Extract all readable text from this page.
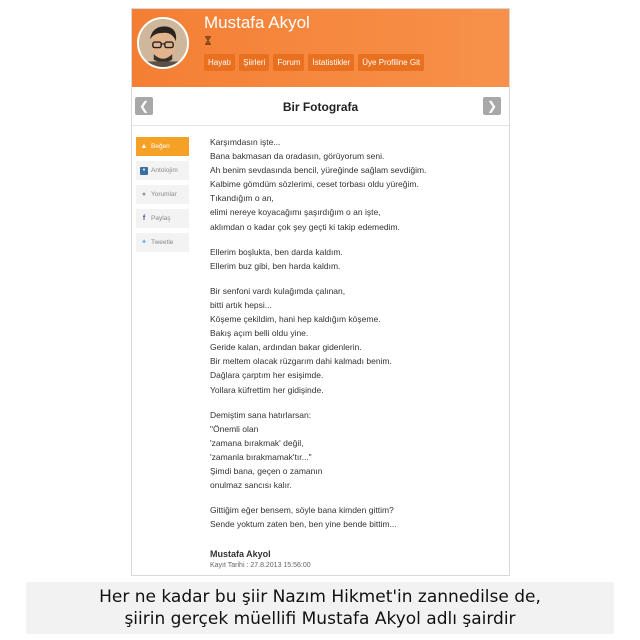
Mustafa Akyol
Hayatı	Şiirleri	Forum	İstatistikler	Üye Profiline Git
❮	Bir Fotografa	❯
▲ Beğen
• Antolojim
● Yorumlar
f Paylaş
✦ Tweetle
Karşımdasın işte...
Bana bakmasan da oradasın, görüyorum seni.
Ah benim sevdasında bencil, yüreğinde sağlam sevdiğim.
Kalbime gömdüm sözlerimi, ceset torbası oldu yüreğim.
Tıkandığım o an,
elimi nereye koyacağımı şaşırdığım o an işte,
aklımdan o kadar çok şey geçti ki takip edemedim.
Ellerim boşlukta, ben darda kaldım.
Ellerim buz gibi, ben harda kaldım.
Bir senfoni vardı kulağımda çalınan,
bitti artık hepsi...
Köşeme çekildim, hani hep kaldığım köşeme.
Bakış açım belli oldu yine.
Geride kalan, ardından bakar gidenlerin.
Bir meltem olacak rüzgarım dahi kalmadı benim.
Dağlara çarptım her esişimde.
Yollara küfrettim her gidişinde.
Demiştim sana hatırlarsan:
"Önemli olan
'zamana bırakmak' değil,
'zamanla bırakmamak'tır..."
Şimdi bana, geçen o zamanın
onulmaz sancısı kalır.
Gittiğim eğer bensem, söyle bana kimden gittim?
Sende yoktum zaten ben, ben yine bende bittim...
Mustafa Akyol
Kayıt Tarihi : 27.8.2013 15:56:00
Her ne kadar bu şiir Nazım Hikmet'in zannedilse de,
şiirin gerçek müellifi Mustafa Akyol adlı şairdir
